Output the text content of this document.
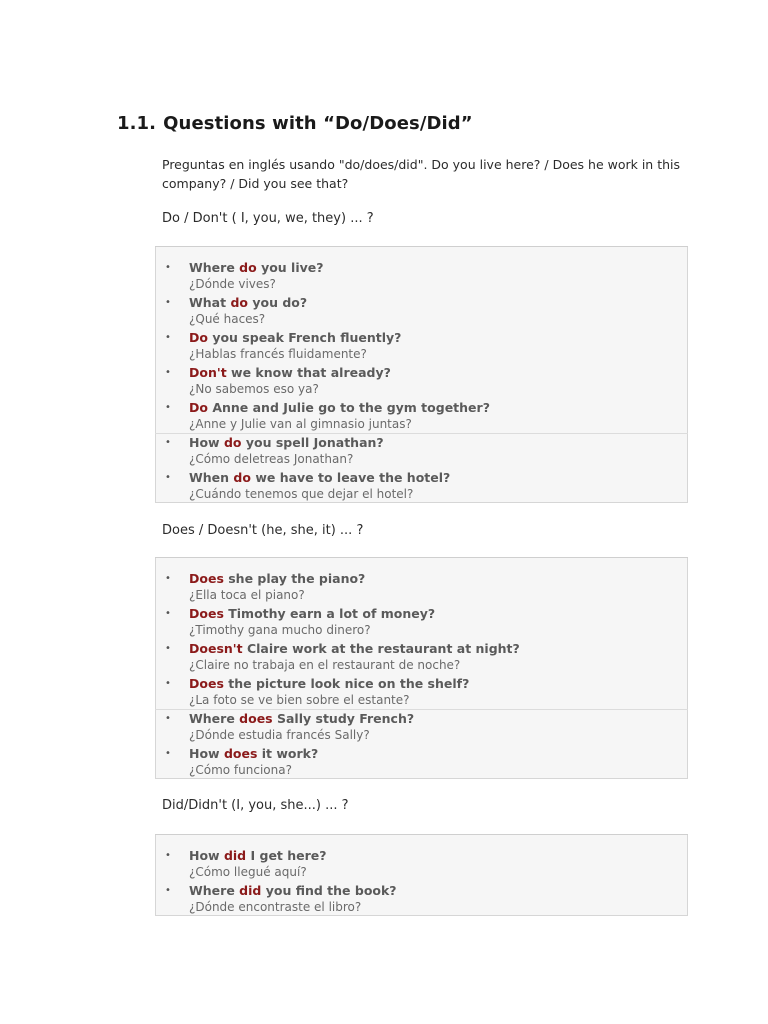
1.1. Questions with “Do/Does/Did”

Preguntas en inglés usando "do/does/did". Do you live here? / Does he work in this company? / Did you see that?

Do / Don't ( I, you, we, they) ... ?

• Where do you live?
¿Dónde vives?
• What do you do?
¿Qué haces?
• Do you speak French fluently?
¿Hablas francés fluidamente?
• Don't we know that already?
¿No sabemos eso ya?
• Do Anne and Julie go to the gym together?
¿Anne y Julie van al gimnasio juntas?
• How do you spell Jonathan?
¿Cómo deletreas Jonathan?
• When do we have to leave the hotel?
¿Cuándo tenemos que dejar el hotel?

Does / Doesn't (he, she, it) ... ?

• Does she play the piano?
¿Ella toca el piano?
• Does Timothy earn a lot of money?
¿Timothy gana mucho dinero?
• Doesn't Claire work at the restaurant at night?
¿Claire no trabaja en el restaurant de noche?
• Does the picture look nice on the shelf?
¿La foto se ve bien sobre el estante?
• Where does Sally study French?
¿Dónde estudia francés Sally?
• How does it work?
¿Cómo funciona?

Did/Didn't (I, you, she...) ... ?

• How did I get here?
¿Cómo llegué aquí?
• Where did you find the book?
¿Dónde encontraste el libro?
